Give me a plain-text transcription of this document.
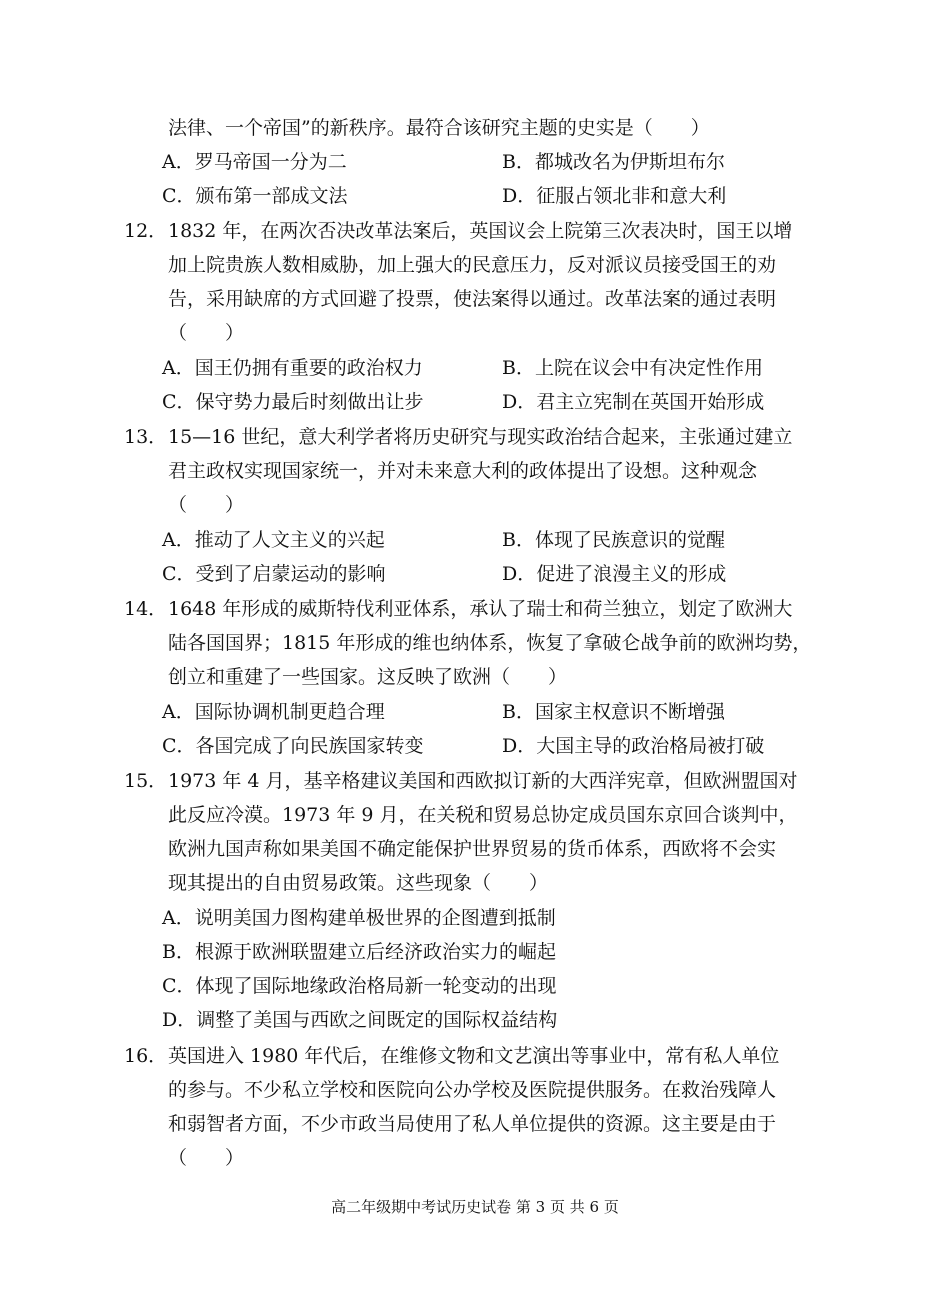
法律、一个帝国”的新秩序。最符合该研究主题的史实是（　　）
A．罗马帝国一分为二	B．都城改名为伊斯坦布尔
C．颁布第一部成文法	D．征服占领北非和意大利
12． 1832 年，在两次否决改革法案后，英国议会上院第三次表决时，国王以增
加上院贵族人数相威胁，加上强大的民意压力，反对派议员接受国王的劝
告，采用缺席的方式回避了投票，使法案得以通过。改革法案的通过表明
（　　）
A．国王仍拥有重要的政治权力	B．上院在议会中有决定性作用
C．保守势力最后时刻做出让步	D．君主立宪制在英国开始形成
13． 15—16 世纪，意大利学者将历史研究与现实政治结合起来，主张通过建立
君主政权实现国家统一，并对未来意大利的政体提出了设想。这种观念
（　　）
A．推动了人文主义的兴起	B．体现了民族意识的觉醒
C．受到了启蒙运动的影响	D．促进了浪漫主义的形成
14． 1648 年形成的威斯特伐利亚体系，承认了瑞士和荷兰独立，划定了欧洲大
陆各国国界；1815 年形成的维也纳体系，恢复了拿破仑战争前的欧洲均势，
创立和重建了一些国家。这反映了欧洲（　　）
A．国际协调机制更趋合理	B．国家主权意识不断增强
C．各国完成了向民族国家转变	D．大国主导的政治格局被打破
15． 1973 年 4 月，基辛格建议美国和西欧拟订新的大西洋宪章，但欧洲盟国对
此反应冷漠。1973 年 9 月，在关税和贸易总协定成员国东京回合谈判中，
欧洲九国声称如果美国不确定能保护世界贸易的货币体系，西欧将不会实
现其提出的自由贸易政策。这些现象（　　）
A．说明美国力图构建单极世界的企图遭到抵制
B．根源于欧洲联盟建立后经济政治实力的崛起
C．体现了国际地缘政治格局新一轮变动的出现
D．调整了美国与西欧之间既定的国际权益结构
16． 英国进入 1980 年代后，在维修文物和文艺演出等事业中，常有私人单位
的参与。不少私立学校和医院向公办学校及医院提供服务。在救治残障人
和弱智者方面，不少市政当局使用了私人单位提供的资源。这主要是由于
（　　）
高二年级期中考试历史试卷 第 3 页 共 6 页
